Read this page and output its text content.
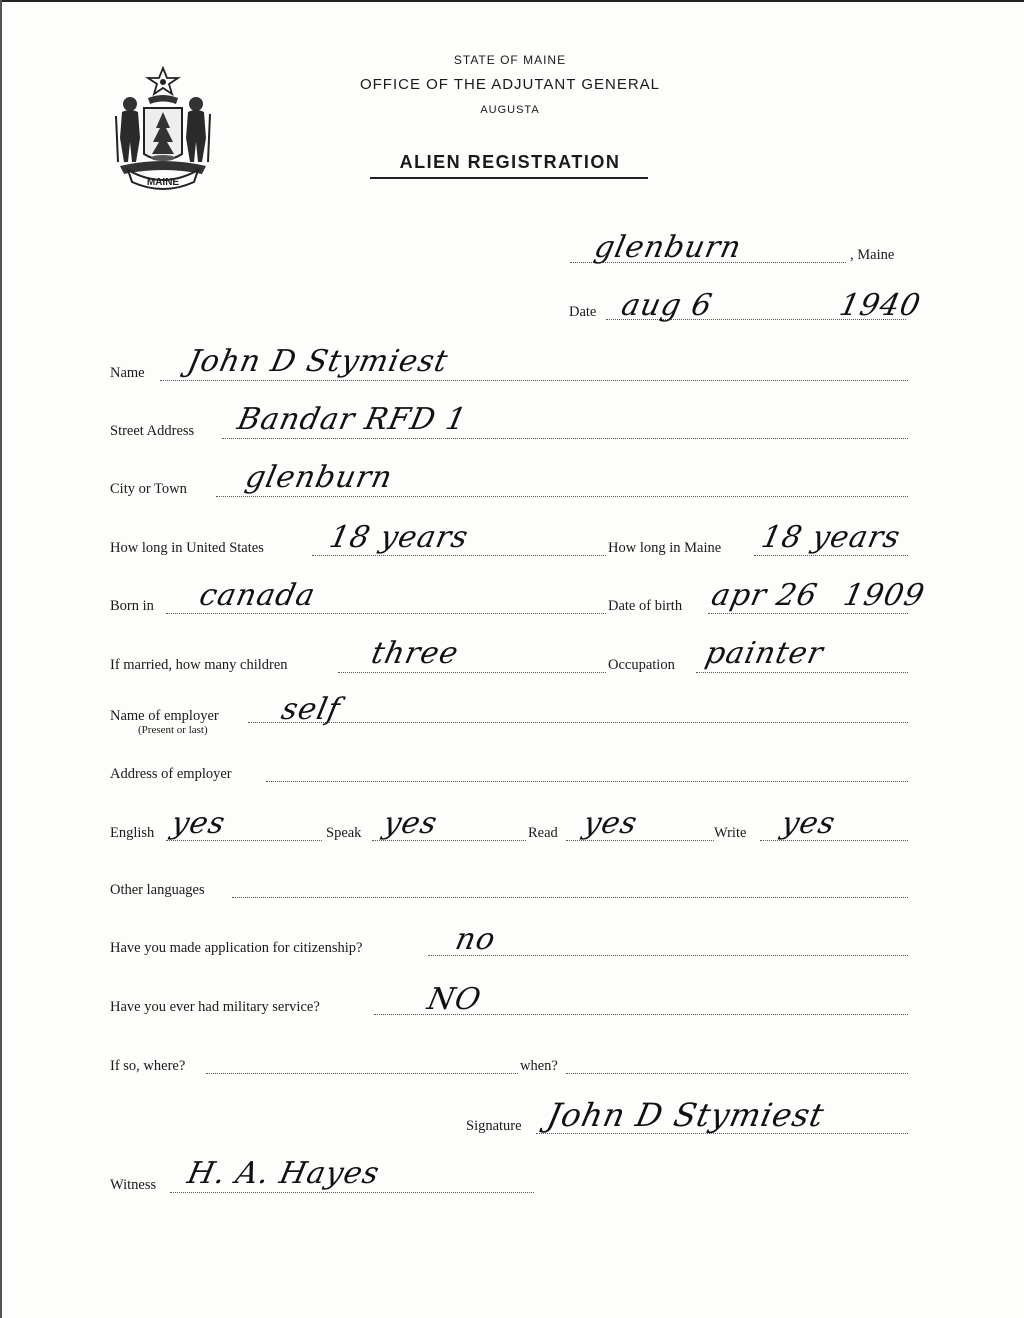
MAINE
STATE OF MAINE
OFFICE OF THE ADJUTANT GENERAL
AUGUSTA
ALIEN REGISTRATION
, Maine
glenburn
Date aug 6	1940
Name John D Stymiest
Street Address Bandar RFD 1
City or Town glenburn
How long in United States 18 years	How long in Maine 18 years
Born in canada	Date of birth apr 26 1909
If married, how many children	three	Occupation painter
Name of employer
(Present or last)
self
Address of employer
English yes	Speak yes	Read yes	Write yes
Other languages
Have you made application for citizenship?	no
Have you ever had military service?	NO
If so, where?	when?
Signature John D Stymiest
Witness H. A. Hayes
